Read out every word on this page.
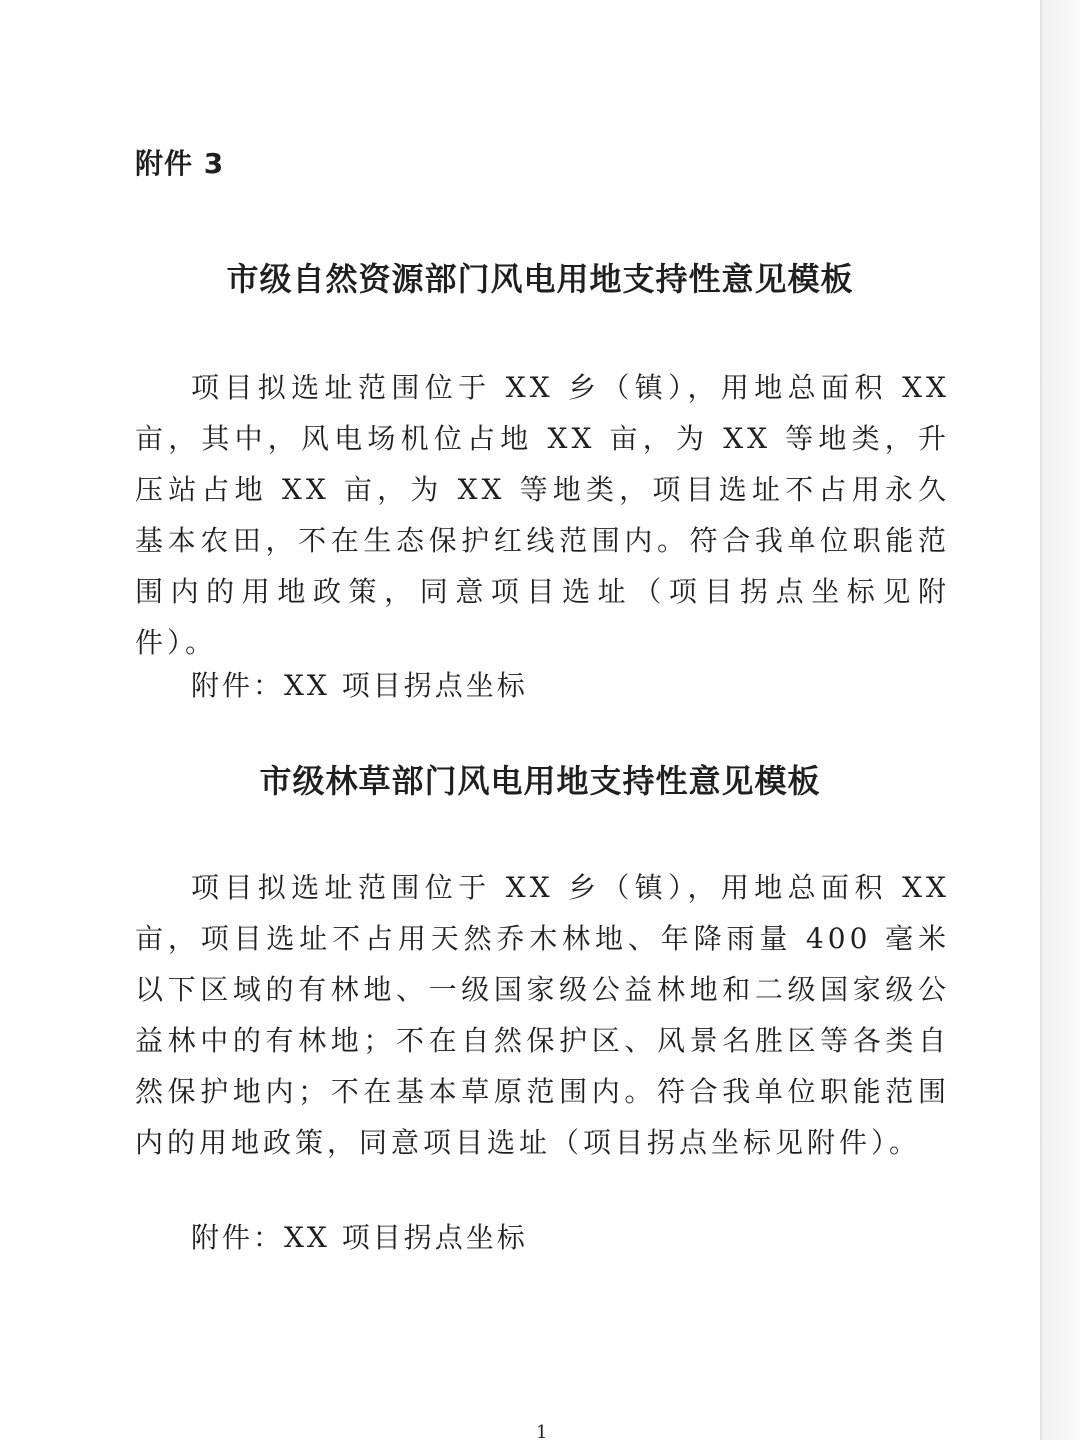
附件 3

市级自然资源部门风电用地支持性意见模板

项目拟选址范围位于 XX 乡（镇），用地总面积 XX 亩，其中，风电场机位占地 XX 亩，为 XX 等地类，升压站占地 XX 亩，为 XX 等地类，项目选址不占用永久基本农田，不在生态保护红线范围内。符合我单位职能范围内的用地政策，同意项目选址（项目拐点坐标见附件）。

附件：XX 项目拐点坐标

市级林草部门风电用地支持性意见模板

项目拟选址范围位于 XX 乡（镇），用地总面积 XX 亩，项目选址不占用天然乔木林地、年降雨量 400 毫米以下区域的有林地、一级国家级公益林地和二级国家级公益林中的有林地；不在自然保护区、风景名胜区等各类自然保护地内；不在基本草原范围内。符合我单位职能范围内的用地政策，同意项目选址（项目拐点坐标见附件）。

附件：XX 项目拐点坐标

1
